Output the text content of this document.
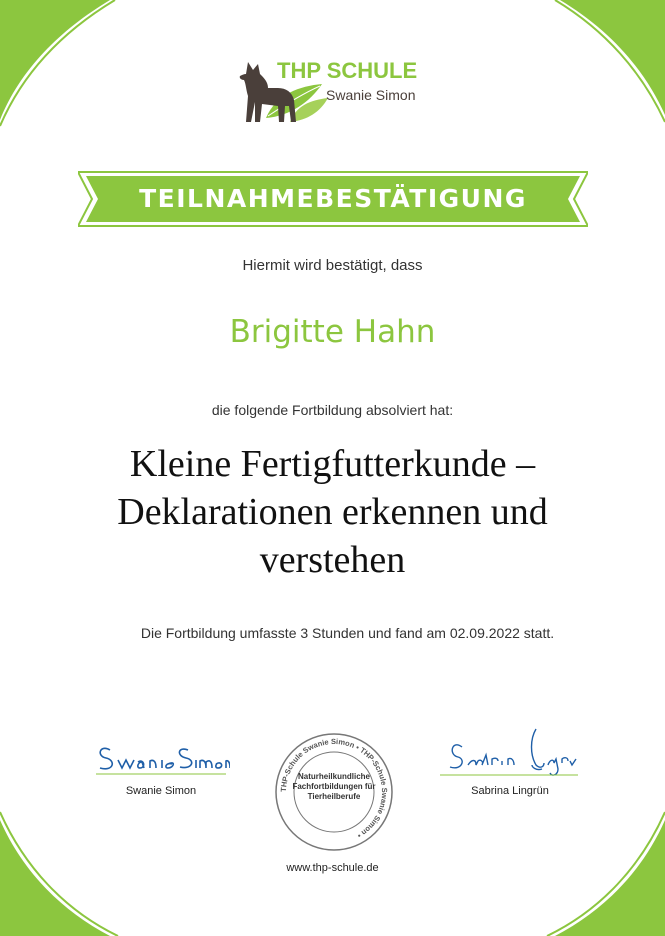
THP SCHULE
Swanie Simon
TEILNAHMEBESTÄTIGUNG
Hiermit wird bestätigt, dass
Brigitte Hahn
die folgende Fortbildung absolviert hat:
Kleine Fertigfutterkunde – Deklarationen erkennen und verstehen
Die Fortbildung umfasste 3 Stunden und fand am 02.09.2022 statt.
Swanie Simon	THP-Schule Swanie Simon • THP-Schule Swanie Simon •
Naturheilkundliche Fachfortbildungen für Tierheilberufe	Sabrina Lingrün
www.thp-schule.de
